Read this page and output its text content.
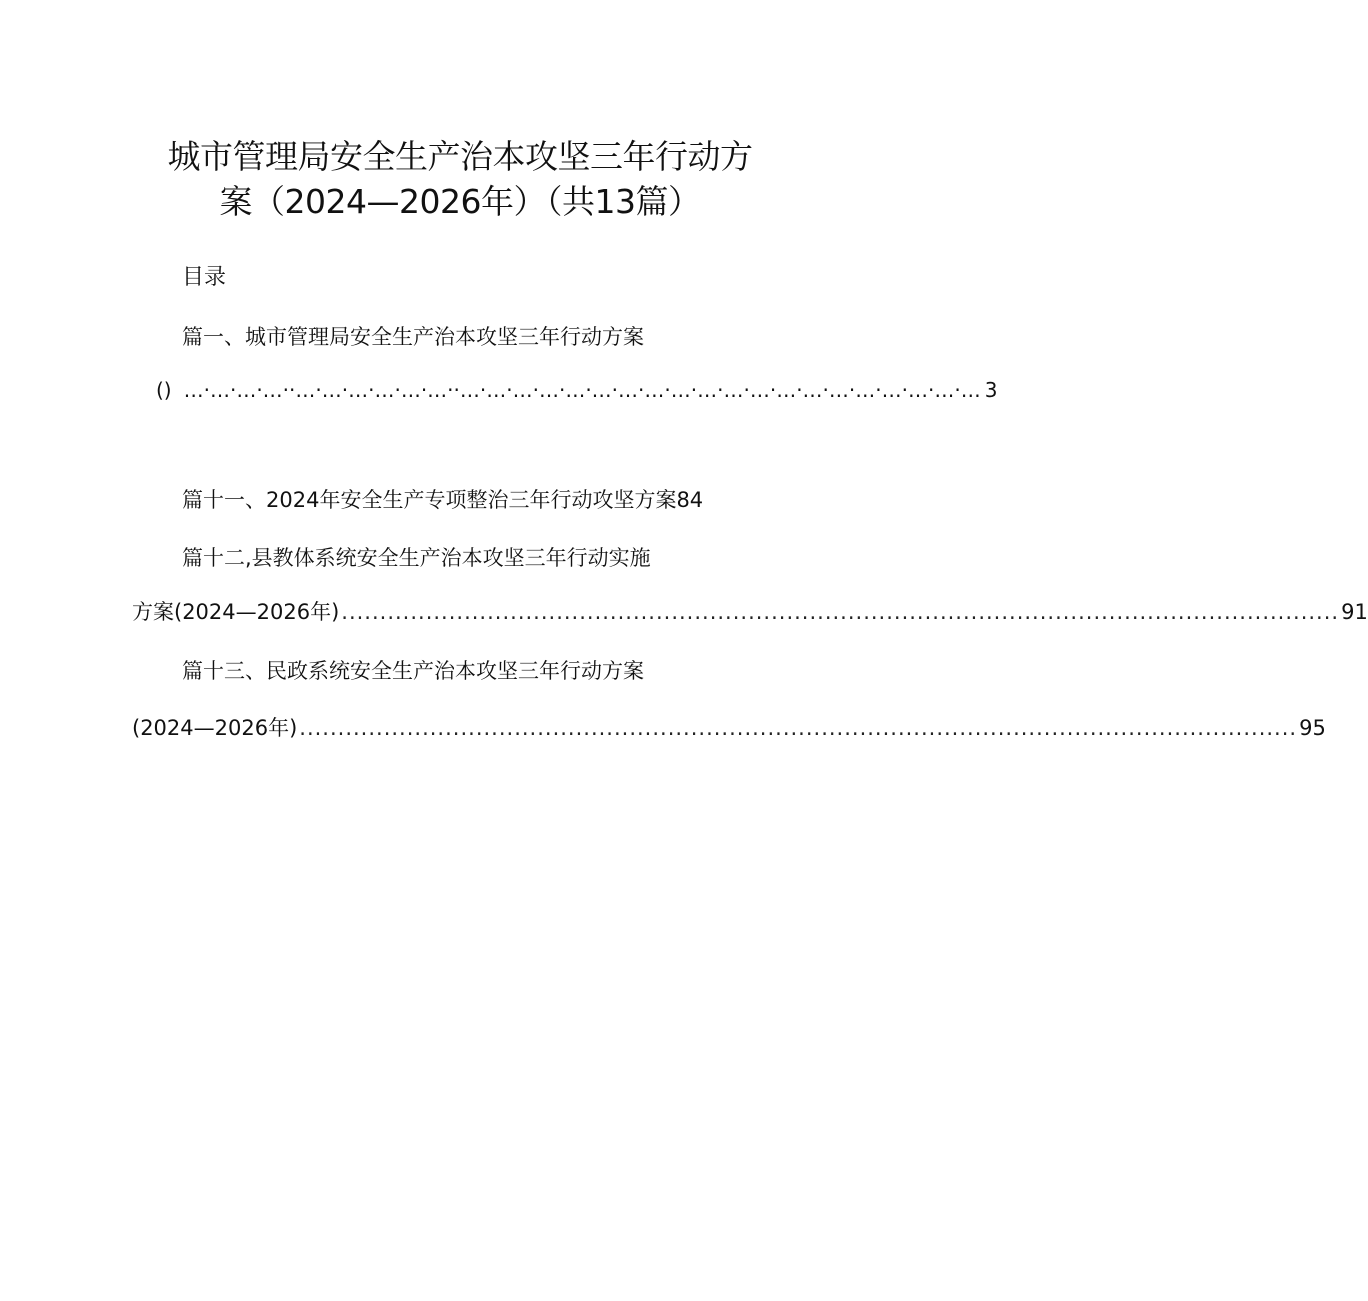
城市管理局安全生产治本攻坚三年行动方
案（2024—2026年）（共13篇）
目录
篇一、城市管理局安全生产治本攻坚三年行动方案
() …·…·…·…··…·…·…·…·…·…··…·…·…·…·…·…·…·…·…·…·…·…·…·…·…·…·…·…·…·… 3
篇十一、2024年安全生产专项整治三年行动攻坚方案84
篇十二,县教体系统安全生产治本攻坚三年行动实施
方案(2024—2026年) .................................................................................................................................. 91
篇十三、民政系统安全生产治本攻坚三年行动方案
(2024—2026年) .................................................................................................................................. 95
